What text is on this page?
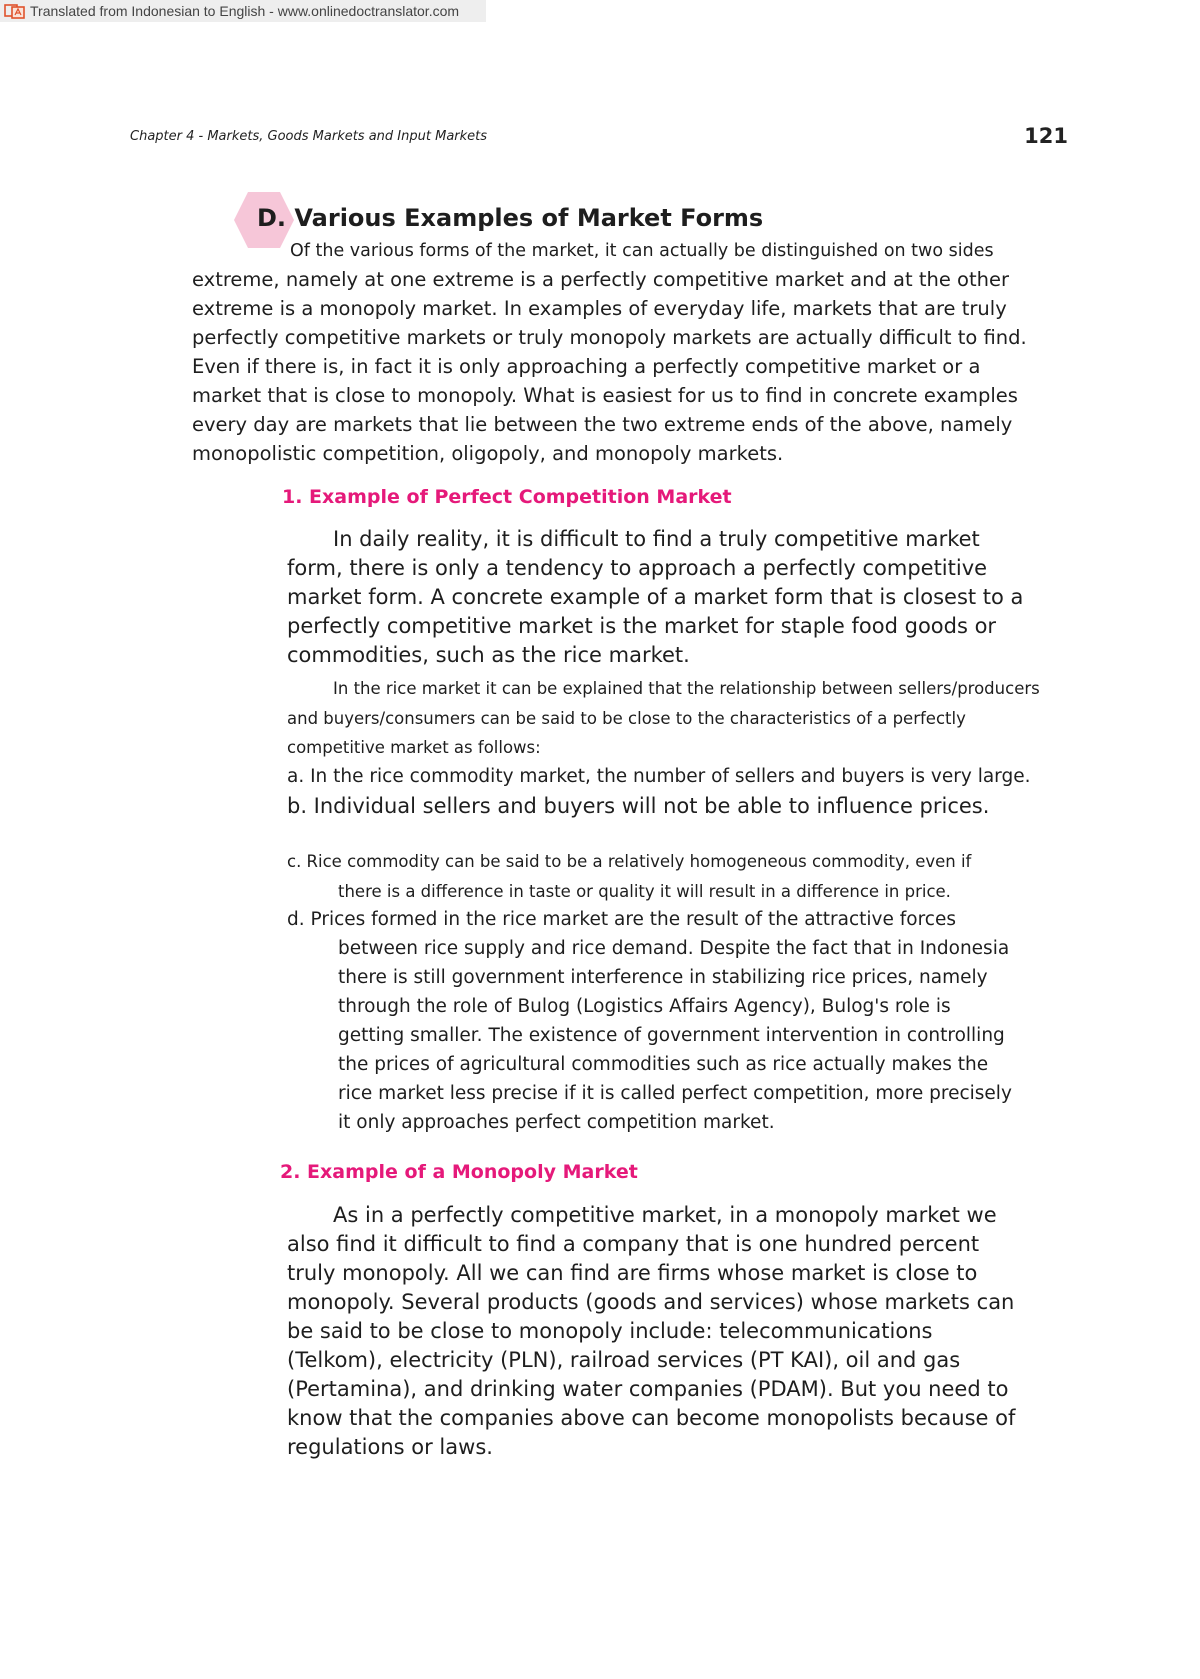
Translated from Indonesian to English - www.onlinedoctranslator.com
Chapter 4 - Markets, Goods Markets and Input Markets	121
D. Various Examples of Market Forms
Of the various forms of the market, it can actually be distinguished on two sides
extreme, namely at one extreme is a perfectly competitive market and at the other
extreme is a monopoly market. In examples of everyday life, markets that are truly
perfectly competitive markets or truly monopoly markets are actually difficult to find.
Even if there is, in fact it is only approaching a perfectly competitive market or a
market that is close to monopoly. What is easiest for us to find in concrete examples
every day are markets that lie between the two extreme ends of the above, namely
monopolistic competition, oligopoly, and monopoly markets.
1. Example of Perfect Competition Market
In daily reality, it is difficult to find a truly competitive market
form, there is only a tendency to approach a perfectly competitive
market form. A concrete example of a market form that is closest to a
perfectly competitive market is the market for staple food goods or
commodities, such as the rice market.
In the rice market it can be explained that the relationship between sellers/producers
and buyers/consumers can be said to be close to the characteristics of a perfectly
competitive market as follows:
a. In the rice commodity market, the number of sellers and buyers is very large.
b. Individual sellers and buyers will not be able to influence prices.
c. Rice commodity can be said to be a relatively homogeneous commodity, even if
there is a difference in taste or quality it will result in a difference in price.
d. Prices formed in the rice market are the result of the attractive forces
between rice supply and rice demand. Despite the fact that in Indonesia
there is still government interference in stabilizing rice prices, namely
through the role of Bulog (Logistics Affairs Agency), Bulog's role is
getting smaller. The existence of government intervention in controlling
the prices of agricultural commodities such as rice actually makes the
rice market less precise if it is called perfect competition, more precisely
it only approaches perfect competition market.
2. Example of a Monopoly Market
As in a perfectly competitive market, in a monopoly market we
also find it difficult to find a company that is one hundred percent
truly monopoly. All we can find are firms whose market is close to
monopoly. Several products (goods and services) whose markets can
be said to be close to monopoly include: telecommunications
(Telkom), electricity (PLN), railroad services (PT KAI), oil and gas
(Pertamina), and drinking water companies (PDAM). But you need to
know that the companies above can become monopolists because of
regulations or laws.
